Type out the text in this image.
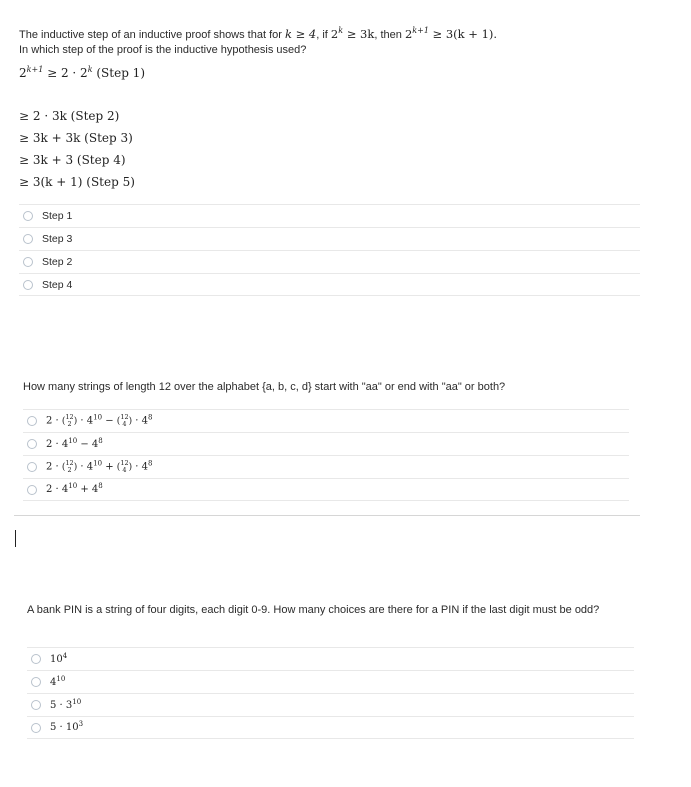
The inductive step of an inductive proof shows that for k ≥ 4, if $2^k \ge 3k$, then $2^{k+1} \ge 3(k + 1)$.
In which step of the proof is the inductive hypothesis used?
$2^{k+1} \ge 2 \cdot 2^k$ (Step 1)
≥ 2 · 3k (Step 2)
≥ 3k + 3k (Step 3)
≥ 3k + 3 (Step 4)
≥ 3(k + 1) (Step 5)
Step 1
Step 3
Step 2
Step 4
How many strings of length 12 over the alphabet {a, b, c, d} start with "aa" or end with "aa" or both?
2 · ( 12
2 ) · $4^{10}$ − ( 12
4 ) · $4^8$
$2 \cdot 4^{10} - 4^8$
2 · ( 12
2 ) · $4^{10}$ + ( 12
4 ) · $4^8$
$2 \cdot 4^{10} + 4^8$
A bank PIN is a string of four digits, each digit 0-9. How many choices are there for a PIN if the last digit must be odd?
$10^4$
$4^{10}$
$5 \cdot 3^{10}$
$5 \cdot 10^3$
